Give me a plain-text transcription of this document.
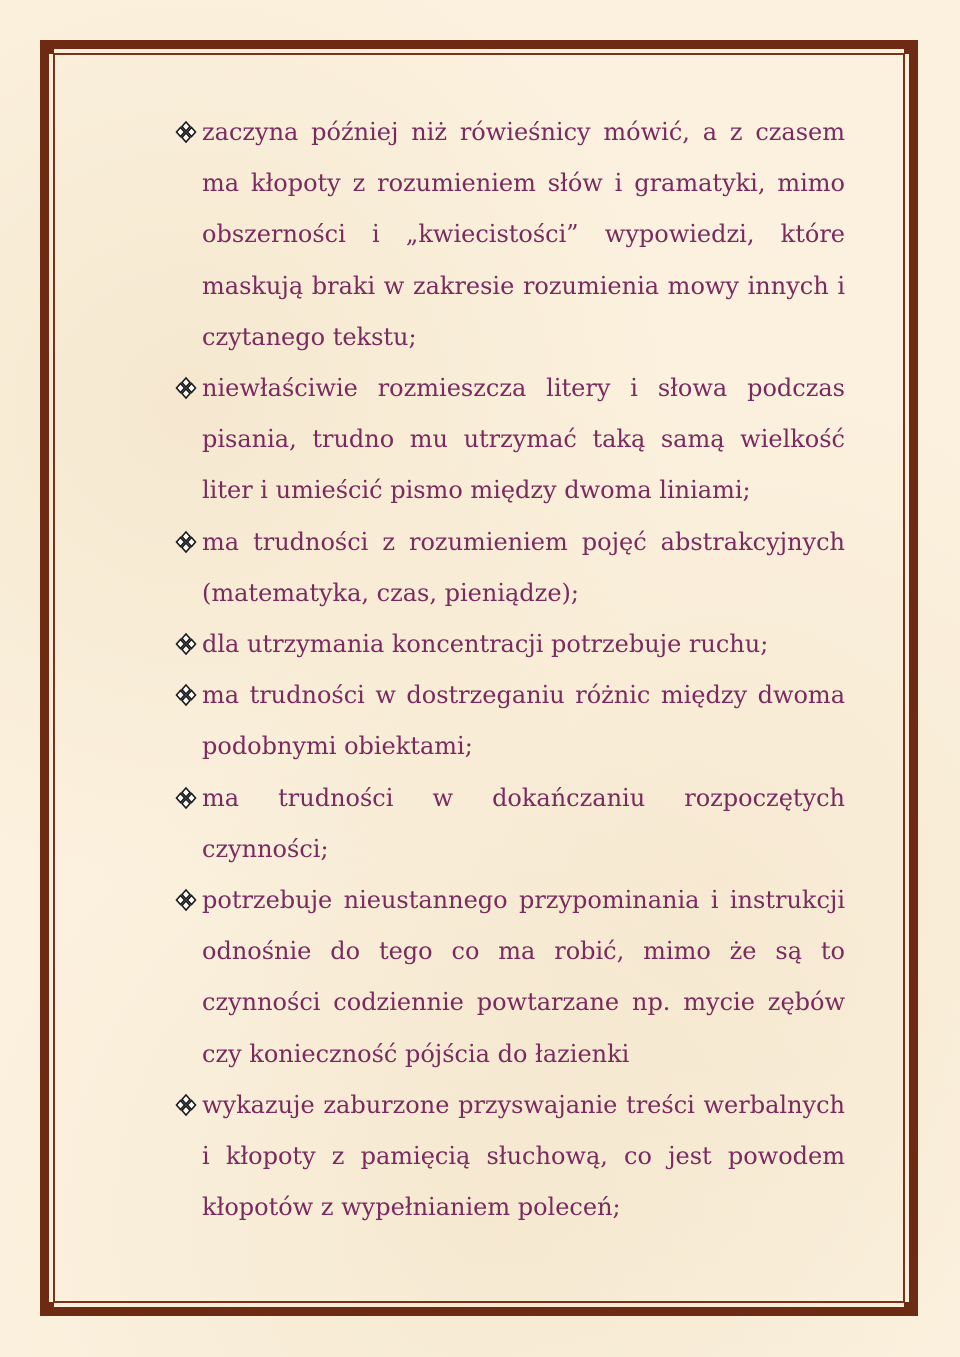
zaczyna później niż rówieśnicy mówić, a z czasem ma kłopoty z rozumieniem słów i gramatyki, mimo obszerności i „kwiecistości” wypowiedzi, które maskują braki w zakresie rozumienia mowy innych i czytanego tekstu;
niewłaściwie rozmieszcza litery i słowa podczas pisania, trudno mu utrzymać taką samą wielkość liter i umieścić pismo między dwoma liniami;
ma trudności z rozumieniem pojęć abstrakcyjnych (matematyka, czas, pieniądze);
dla utrzymania koncentracji potrzebuje ruchu;
ma trudności w dostrzeganiu różnic między dwoma podobnymi obiektami;
ma trudności w dokańczaniu rozpoczętych czynności;
potrzebuje nieustannego przypominania i instrukcji odnośnie do tego co ma robić, mimo że są to czynności codziennie powtarzane np. mycie zębów czy konieczność pójścia do łazienki
wykazuje zaburzone przyswajanie treści werbalnych i kłopoty z pamięcią słuchową, co jest powodem kłopotów z wypełnianiem poleceń;
